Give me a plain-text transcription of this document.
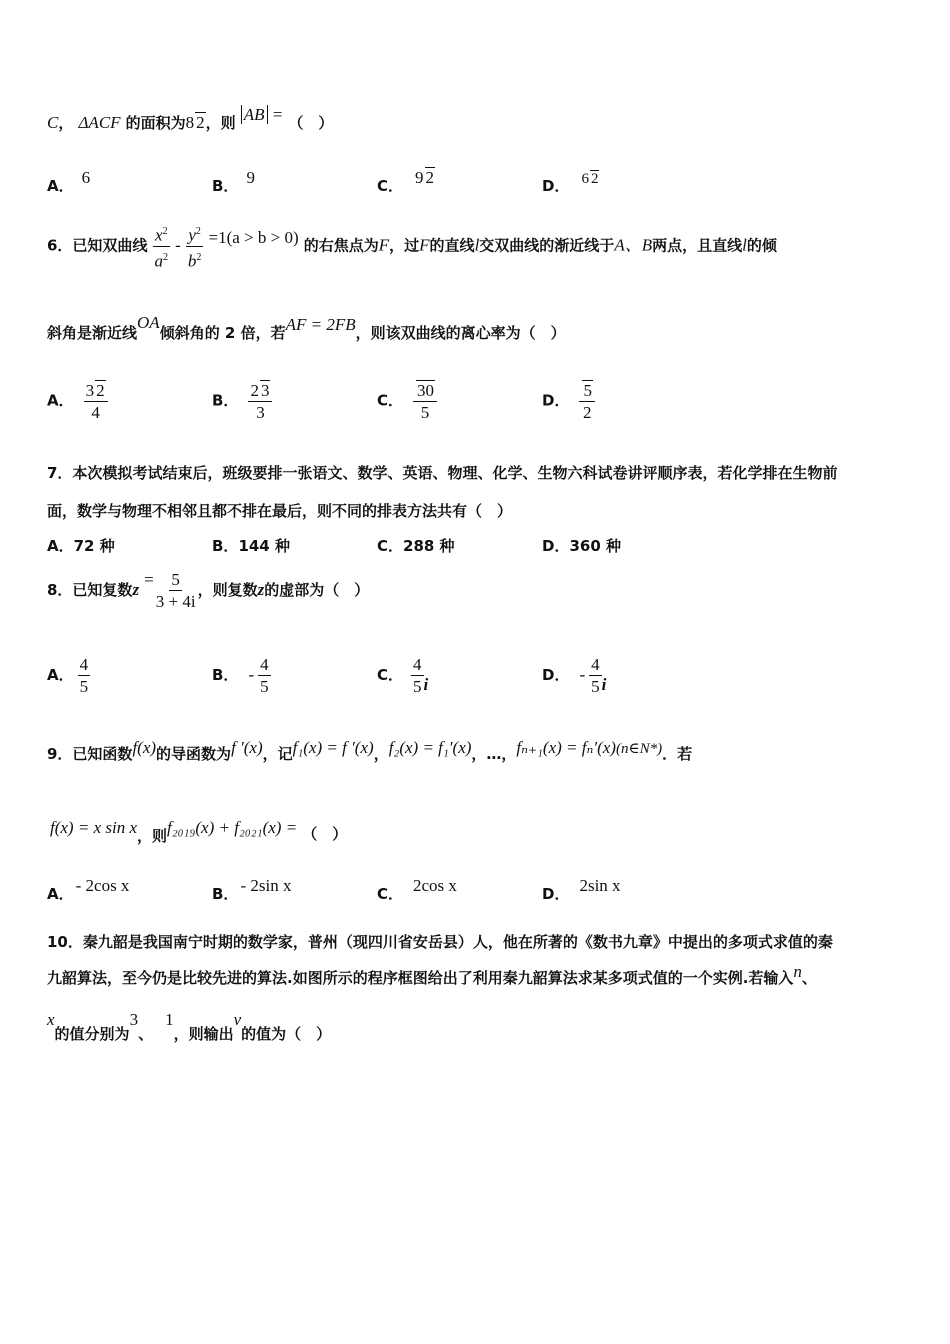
C， ΔACF 的面积为8 2，则 AB = （　）
A． 6	B． 9	C． 9 2	D． 6 2
6．已知双曲线 $\frac{x^2}{a^2} - \frac{y^2}{b^2} =1(a > b > 0)$ 的右焦点为F，过F的直线l交双曲线的渐近线于A、B两点，且直线l的倾
斜角是渐近线OA倾斜角的 2 倍，若AF = 2FB，则该双曲线的离心率为（　）
A． $\frac{3 2}{4}$	B． $\frac{2 3}{3}$	C． $\frac{30}{5}$	D． $\frac{5}{2}$
7．本次模拟考试结束后，班级要排一张语文、数学、英语、物理、化学、生物六科试卷讲评顺序表，若化学排在生物前
面，数学与物理不相邻且都不排在最后，则不同的排表方法共有（　）
A．72 种	B．144 种	C．288 种	D．360 种
8．已知复数$z = \frac{5}{3 + 4i}$ ，则复数z的虚部为（　）
A． $\frac{4}{5}$	B． - $\frac{4}{5}$	C． $\frac{4}{5}$ i	D． - $\frac{4}{5}$ i
9．已知函数f(x)的导函数为f ′(x)，记f₁(x) = f ′(x)，f₂(x) = f₁′(x)，…，fₙ₊₁(x) = fₙ′(x)(n∈N*)．若
f(x) = x sin x，则f₂₀₁₉(x) + f₂₀₂₁(x) = （　）
A． - 2cos x	B． - 2sin x	C． 2cos x	D． 2sin x
10．秦九韶是我国南宁时期的数学家，普州（现四川省安岳县）人，他在所著的《数书九章》中提出的多项式求值的秦
九韶算法，至今仍是比较先进的算法.如图所示的程序框图给出了利用秦九韶算法求某多项式值的一个实例.若输入n、
x的值分别为3、1，则输出v的值为（　）
